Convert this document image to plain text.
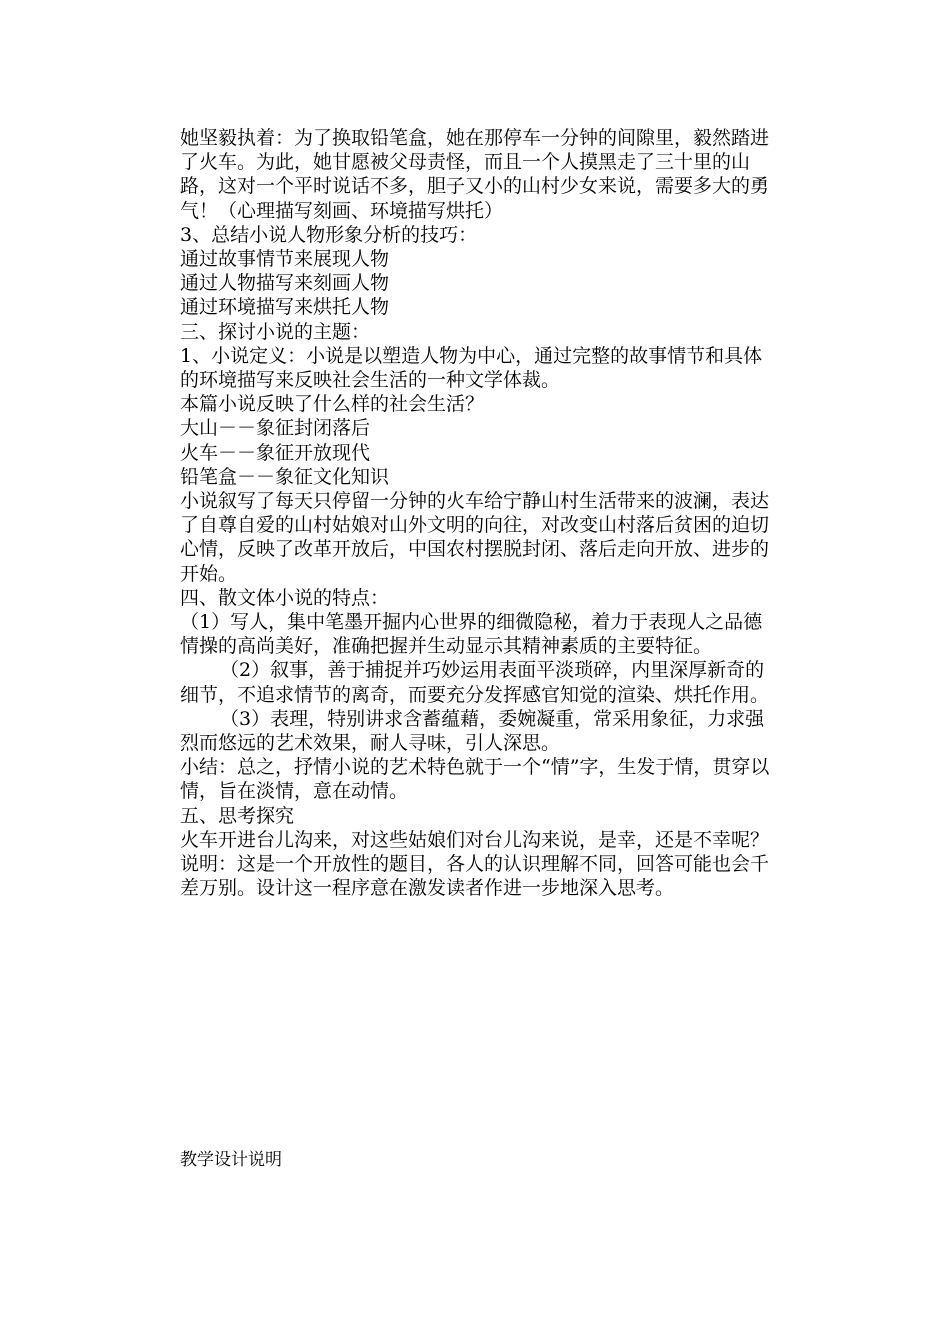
她坚毅执着：为了换取铅笔盒，她在那停车一分钟的间隙里，毅然踏进了火车。为此，她甘愿被父母责怪，而且一个人摸黑走了三十里的山路，这对一个平时说话不多，胆子又小的山村少女来说，需要多大的勇气！（心理描写刻画、环境描写烘托）

3、总结小说人物形象分析的技巧：

通过故事情节来展现人物

通过人物描写来刻画人物

通过环境描写来烘托人物

三、探讨小说的主题：

1、小说定义：小说是以塑造人物为中心，通过完整的故事情节和具体的环境描写来反映社会生活的一种文学体裁。

本篇小说反映了什么样的社会生活？

大山－－象征封闭落后

火车－－象征开放现代

铅笔盒－－象征文化知识

小说叙写了每天只停留一分钟的火车给宁静山村生活带来的波澜，表达了自尊自爱的山村姑娘对山外文明的向往，对改变山村落后贫困的迫切心情，反映了改革开放后，中国农村摆脱封闭、落后走向开放、进步的开始。

四、散文体小说的特点：

（1）写人，集中笔墨开掘内心世界的细微隐秘，着力于表现人之品德情操的高尚美好，准确把握并生动显示其精神素质的主要特征。

（2）叙事，善于捕捉并巧妙运用表面平淡琐碎，内里深厚新奇的细节，不追求情节的离奇，而要充分发挥感官知觉的渲染、烘托作用。

（3）表理，特别讲求含蓄蕴藉，委婉凝重，常采用象征，力求强烈而悠远的艺术效果，耐人寻味，引人深思。

小结：总之，抒情小说的艺术特色就于一个“情”字，生发于情，贯穿以情，旨在淡情，意在动情。

五、思考探究

火车开进台儿沟来，对这些姑娘们对台儿沟来说，是幸，还是不幸呢？

说明：这是一个开放性的题目，各人的认识理解不同，回答可能也会千差万别。设计这一程序意在激发读者作进一步地深入思考。

教学设计说明
